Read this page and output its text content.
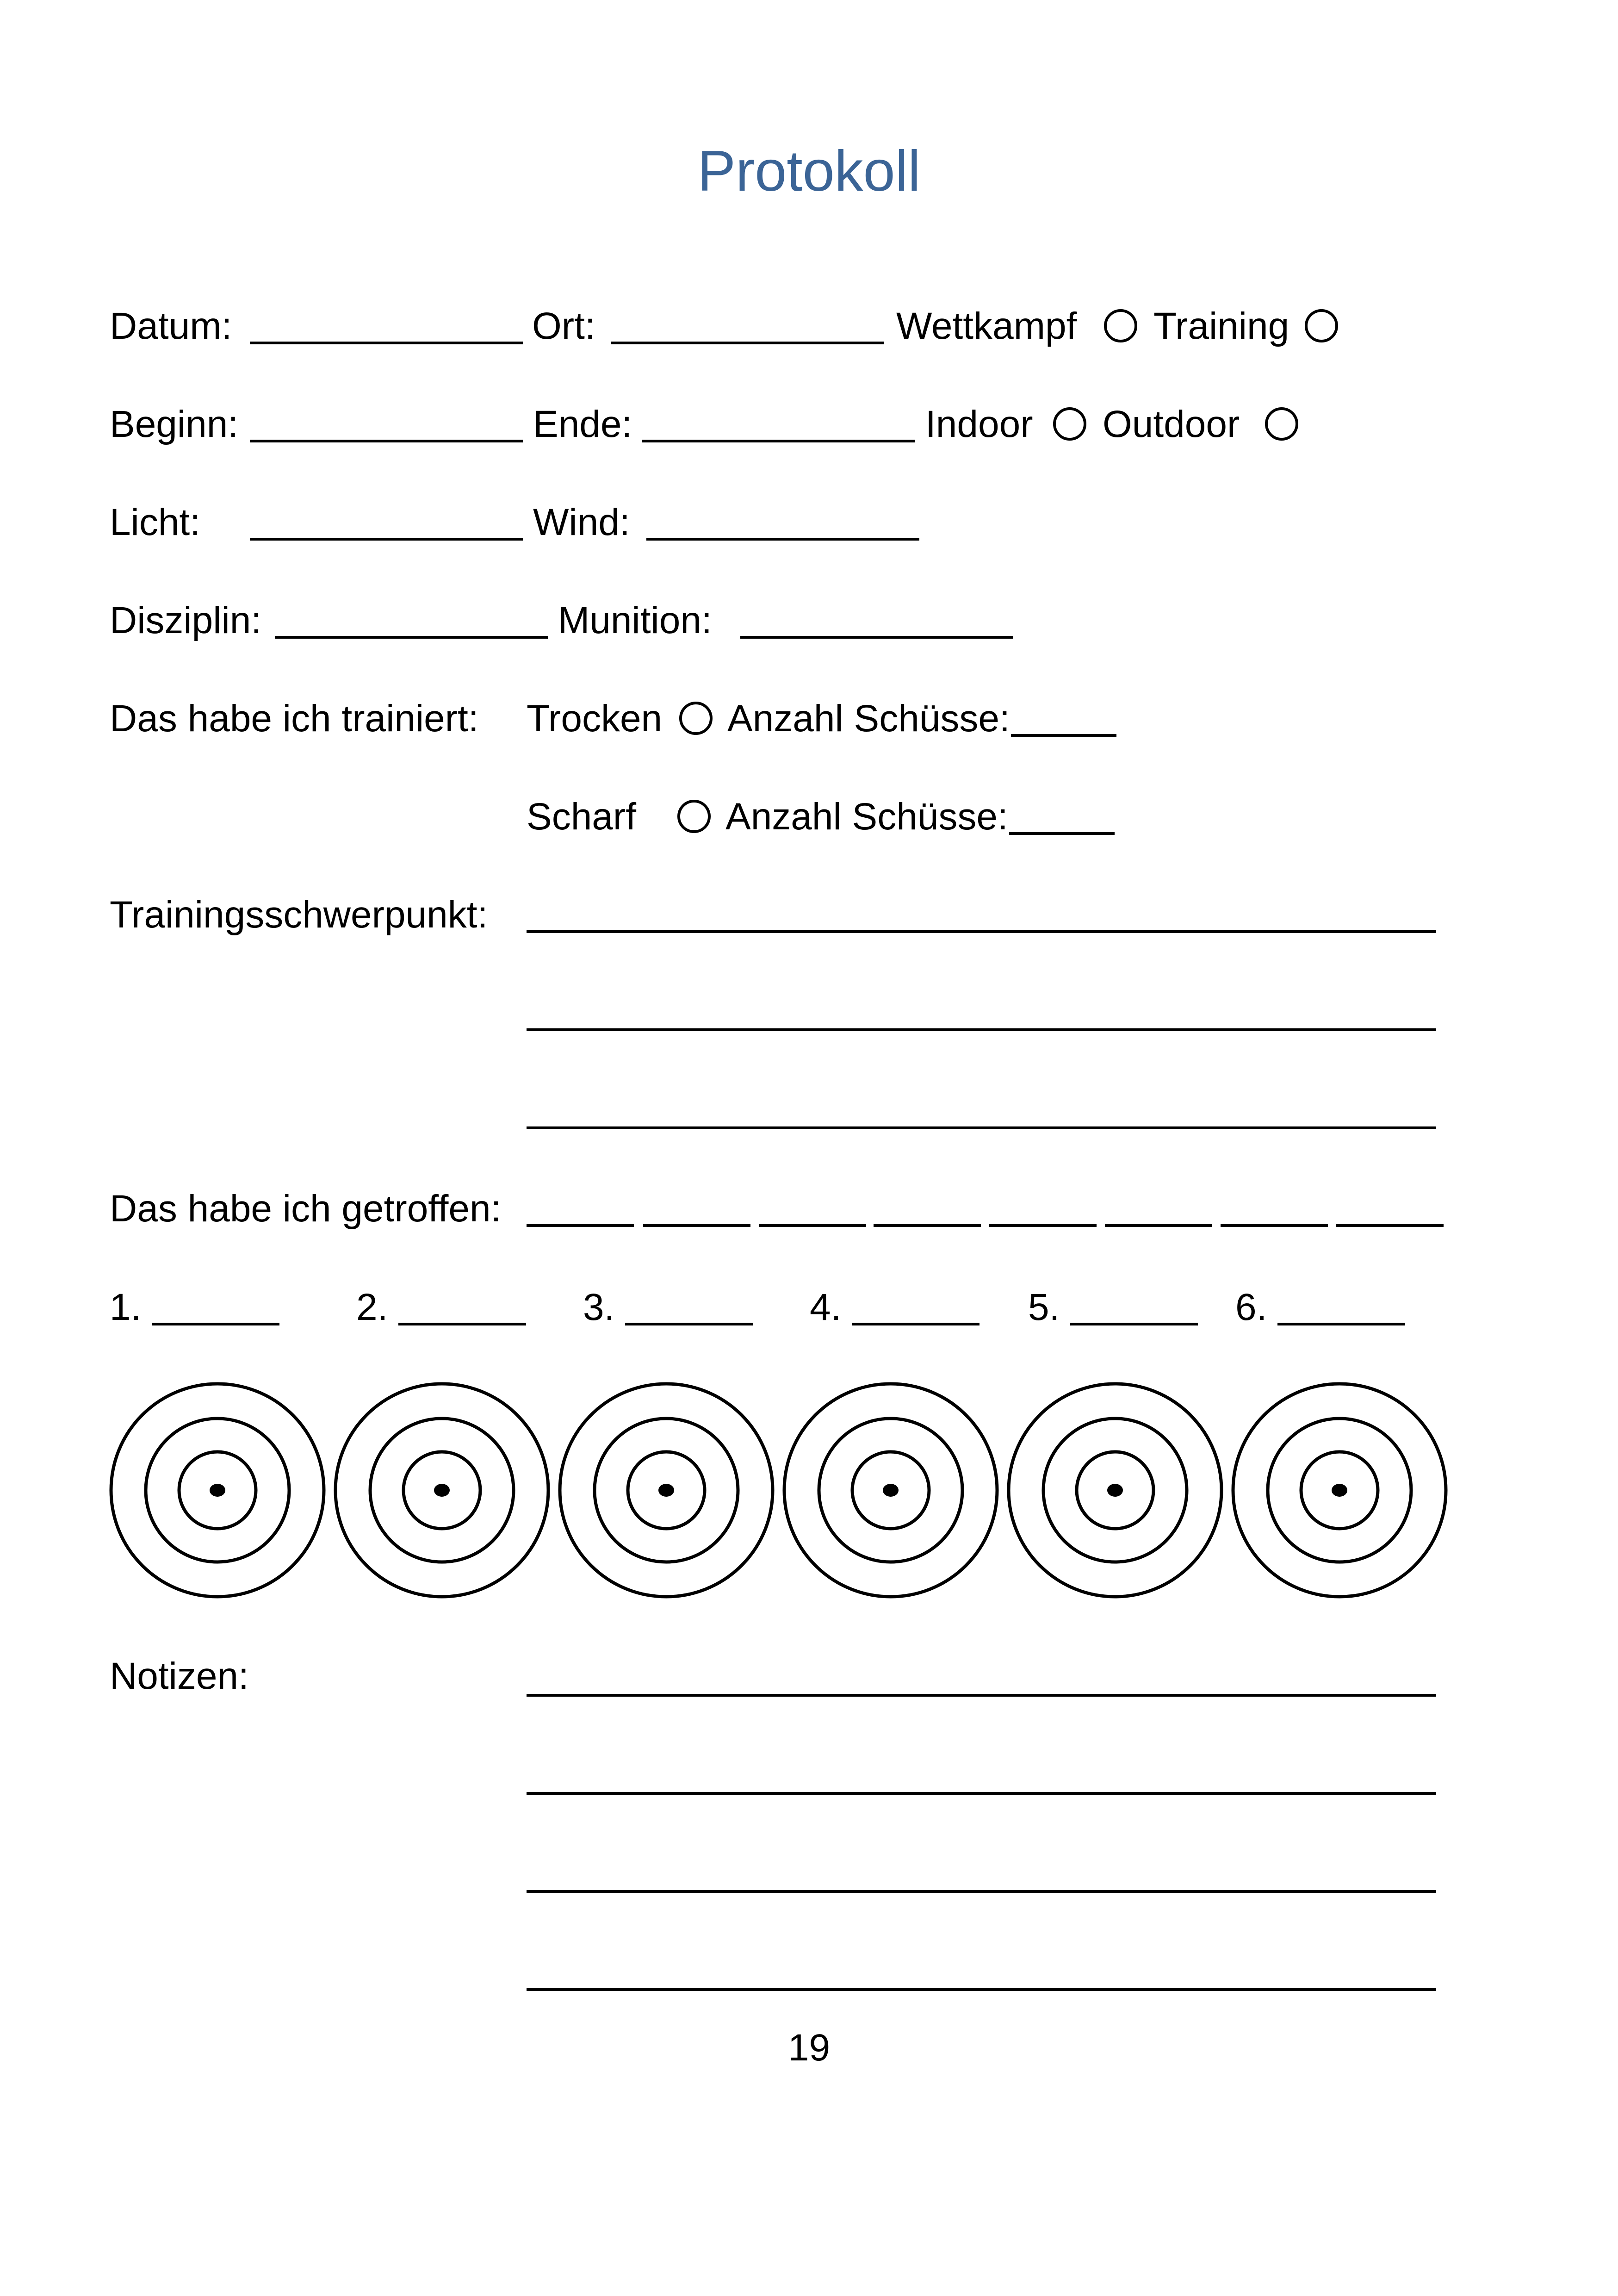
Protokoll
Datum:	Ort:	Wettkampf Training
Beginn:	Ende:	Indoor Outdoor
Licht:	Wind:
Disziplin:	Munition:
Das habe ich trainiert: Trocken Anzahl Schüsse:
Scharf Anzahl Schüsse:
Trainingsschwerpunkt:
Das habe ich getroffen:
1.	2.	3.	4.	5.	6.
Notizen:
19
